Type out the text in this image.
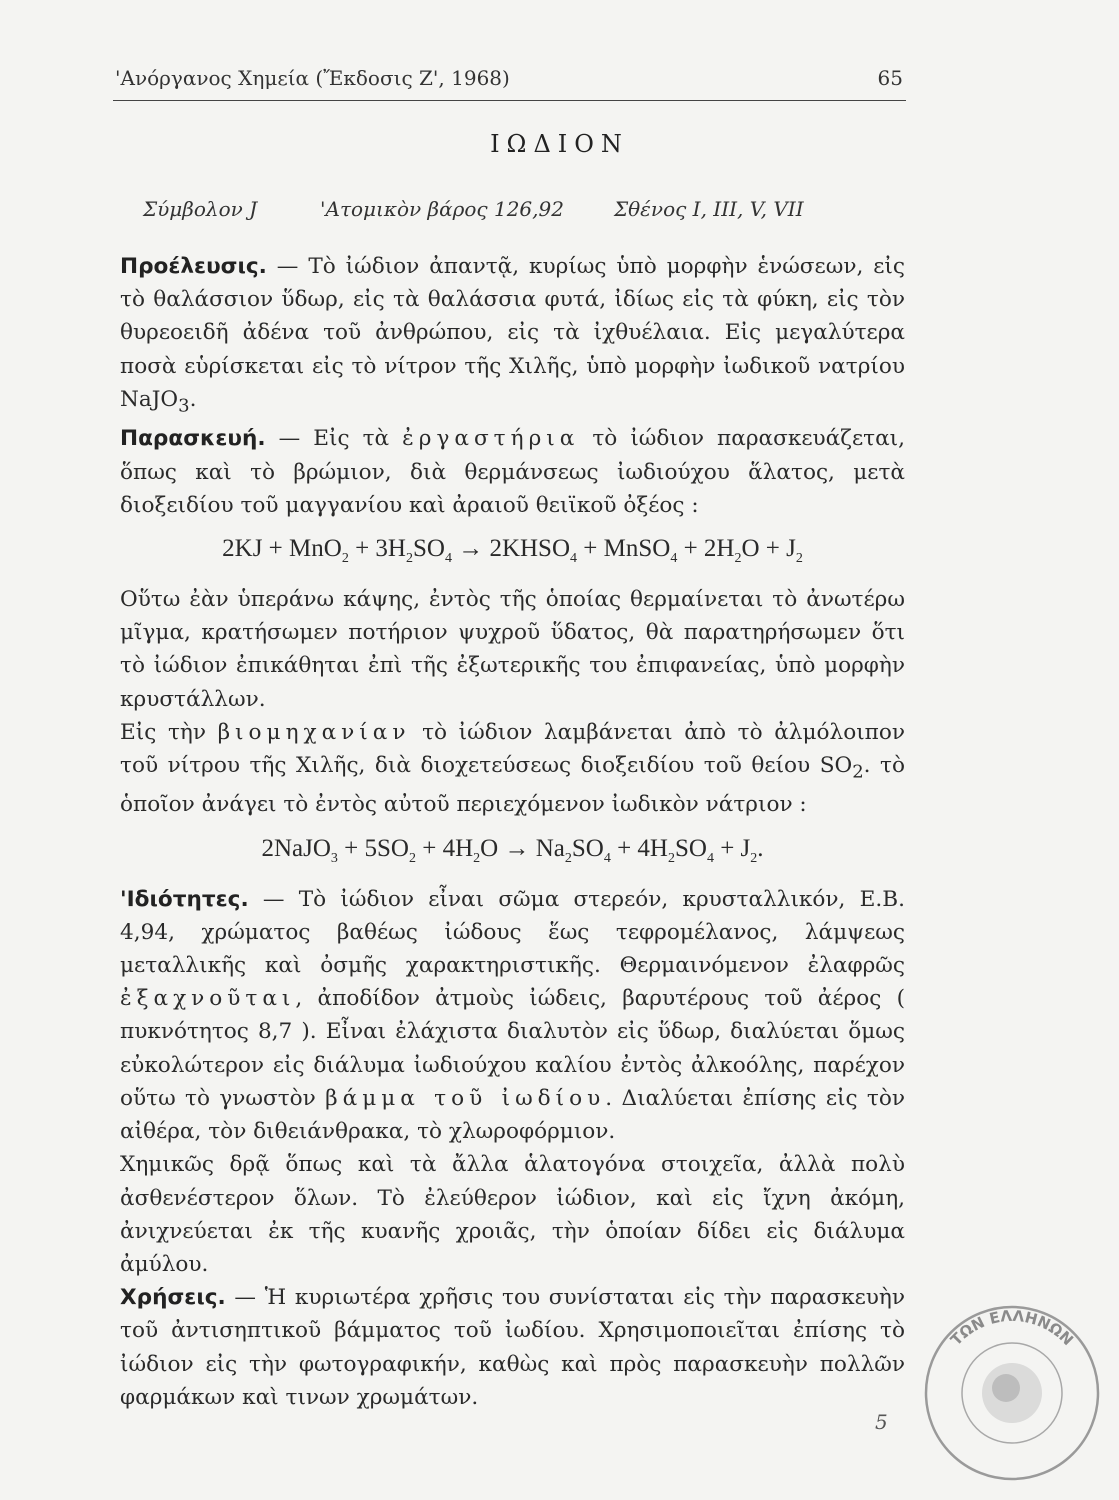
'Ανόργανος Χημεία (Ἔκδοσις Ζ', 1968)	65
ΙΩΔΙΟΝ
Σύμβολον J	'Ατομικὸν βάρος 126,92	Σθένος I, III, V, VII

Προέλευσις. — Τὸ ἰώδιον ἀπαντᾷ, κυρίως ὑπὸ μορφὴν ἑνώσεων, εἰς τὸ θαλάσσιον ὕδωρ, εἰς τὰ θαλάσσια φυτά, ἰδίως εἰς τὰ φύκη, εἰς τὸν θυρεοειδῆ ἀδένα τοῦ ἀνθρώπου, εἰς τὰ ἰχθυέλαια. Εἰς μεγαλύτερα ποσὰ εὑρίσκεται εἰς τὸ νίτρον τῆς Χιλῆς, ὑπὸ μορφὴν ἰωδικοῦ νατρίου NaJO$_3$.

Παρασκευή. — Εἰς τὰ ἐργαστήρια τὸ ἰώδιον παρασκευάζεται, ὅπως καὶ τὸ βρώμιον, διὰ θερμάνσεως ἰωδιούχου ἅλατος, μετὰ διοξειδίου τοῦ μαγγανίου καὶ ἀραιοῦ θειϊκοῦ ὀξέος :

$2KJ + MnO_2 + 3H_2SO_4$ → $2KHSO_4$ + MnSO$_4$ + $2H_2O + J_2$

Οὕτω ἐὰν ὑπεράνω κάψης, ἐντὸς τῆς ὁποίας θερμαίνεται τὸ ἀνωτέρω μῖγμα, κρατήσωμεν ποτήριον ψυχροῦ ὕδατος, θὰ παρατηρήσωμεν ὅτι τὸ ἰώδιον ἐπικάθηται ἐπὶ τῆς ἐξωτερικῆς του ἐπιφανείας, ὑπὸ μορφὴν κρυστάλλων.

Εἰς τὴν βιομηχανίαν τὸ ἰώδιον λαμβάνεται ἀπὸ τὸ ἀλμόλοιπον τοῦ νίτρου τῆς Χιλῆς, διὰ διοχετεύσεως διοξειδίου τοῦ θείου $SO_2$. τὸ ὁποῖον ἀνάγει τὸ ἐντὸς αὐτοῦ περιεχόμενον ἰωδικὸν νάτριον :

2NaJO$_3$ + $5SO_2 + 4H_2O \to Na_2SO_4 + 4H_2SO_4 + J_2$.

'Ιδιότητες. — Τὸ ἰώδιον εἶναι σῶμα στερεόν, κρυσταλλικόν, Ε.Β. 4,94, χρώματος βαθέως ἰώδους ἕως τεφρομέλανος, λάμψεως μεταλλικῆς καὶ ὀσμῆς χαρακτηριστικῆς. Θερμαινόμενον ἐλαφρῶς ἐξαχνοῦται, ἀποδίδον ἀτμοὺς ἰώδεις, βαρυτέρους τοῦ ἀέρος ( πυκνότητος 8,7 ). Εἶναι ἐλάχιστα διαλυτὸν εἰς ὕδωρ, διαλύεται ὅμως εὐκολώτερον εἰς διάλυμα ἰωδιούχου καλίου ἐντὸς ἀλκοόλης, παρέχον οὕτω τὸ γνωστὸν βάμμα τοῦ ἰωδίου. Διαλύεται ἐπίσης εἰς τὸν αἰθέρα, τὸν διθειάνθρακα, τὸ χλωροφόρμιον.

Χημικῶς δρᾷ ὅπως καὶ τὰ ἄλλα ἁλατογόνα στοιχεῖα, ἀλλὰ πολὺ ἀσθενέστερον ὅλων. Τὸ ἐλεύθερον ἰώδιον, καὶ εἰς ἴχνη ἀκόμη, ἀνιχνεύεται ἐκ τῆς κυανῆς χροιᾶς, τὴν ὁποίαν δίδει εἰς διάλυμα ἀμύλου.

Χρήσεις. — Ἡ κυριωτέρα χρῆσις του συνίσταται εἰς τὴν παρασκευὴν τοῦ ἀντισηπτικοῦ βάμματος τοῦ ἰωδίου. Χρησιμοποιεῖται ἐπίσης τὸ ἰώδιον εἰς τὴν φωτογραφικήν, καθὼς καὶ πρὸς παρασκευὴν πολλῶν φαρμάκων καὶ τινων χρωμάτων.

5
ΤΩΝ ΕΛΛΗΝΩΝ
